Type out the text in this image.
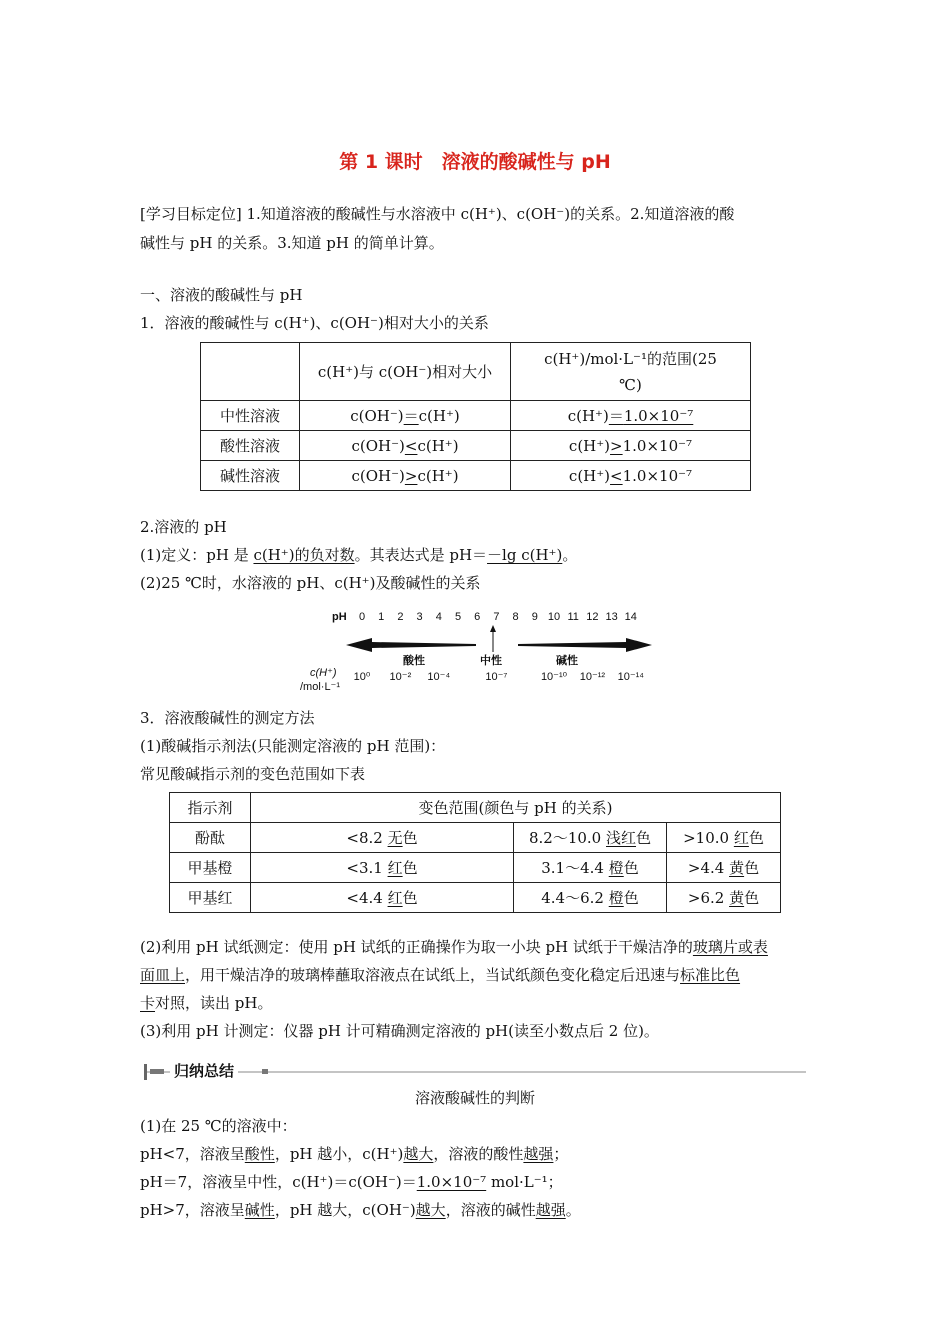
第 1 课时　溶液的酸碱性与 pH
[学习目标定位] 1.知道溶液的酸碱性与水溶液中 c(H⁺)、c(OH⁻)的关系。2.知道溶液的酸
碱性与 pH 的关系。3.知道 pH 的简单计算。
一、溶液的酸碱性与 pH
1．溶液的酸碱性与 c(H⁺)、c(OH⁻)相对大小的关系
	c(H⁺)与 c(OH⁻)相对大小	c(H⁺)/mol·L⁻¹的范围(25
℃)
中性溶液	c(OH⁻)＝c(H⁺)	c(H⁺)＝1.0×10⁻⁷
酸性溶液	c(OH⁻)<c(H⁺)	c(H⁺)>1.0×10⁻⁷
碱性溶液	c(OH⁻)>c(H⁺)	c(H⁺)<1.0×10⁻⁷
2.溶液的 pH
(1)定义：pH 是 c(H⁺)的负对数。其表达式是 pH＝－lg c(H⁺)。
(2)25 ℃时，水溶液的 pH、c(H⁺)及酸碱性的关系
pH 0 1 2 3 4 5 6 7 8 9 10 11 12 13 14
酸性	中性	碱性
c(H⁺)
/mol·L⁻¹
10⁰ 10⁻² 10⁻⁴	10⁻⁷	10⁻¹⁰ 10⁻¹² 10⁻¹⁴
3．溶液酸碱性的测定方法
(1)酸碱指示剂法(只能测定溶液的 pH 范围)：
常见酸碱指示剂的变色范围如下表
指示剂	变色范围(颜色与 pH 的关系)		
酚酞	<8.2 无色	8.2～10.0 浅红色	>10.0 红色
甲基橙	<3.1 红色	3.1～4.4 橙色	>4.4 黄色
甲基红	<4.4 红色	4.4～6.2 橙色	>6.2 黄色
(2)利用 pH 试纸测定：使用 pH 试纸的正确操作为取一小块 pH 试纸于干燥洁净的玻璃片或表
面皿上，用干燥洁净的玻璃棒蘸取溶液点在试纸上，当试纸颜色变化稳定后迅速与标准比色
卡对照，读出 pH。
(3)利用 pH 计测定：仪器 pH 计可精确测定溶液的 pH(读至小数点后 2 位)。
归纳总结
溶液酸碱性的判断
(1)在 25 ℃的溶液中：
pH<7，溶液呈酸性，pH 越小，c(H⁺)越大，溶液的酸性越强；
pH＝7，溶液呈中性，c(H⁺)＝c(OH⁻)＝1.0×10⁻⁷ mol·L⁻¹；
pH>7，溶液呈碱性，pH 越大，c(OH⁻)越大，溶液的碱性越强。
